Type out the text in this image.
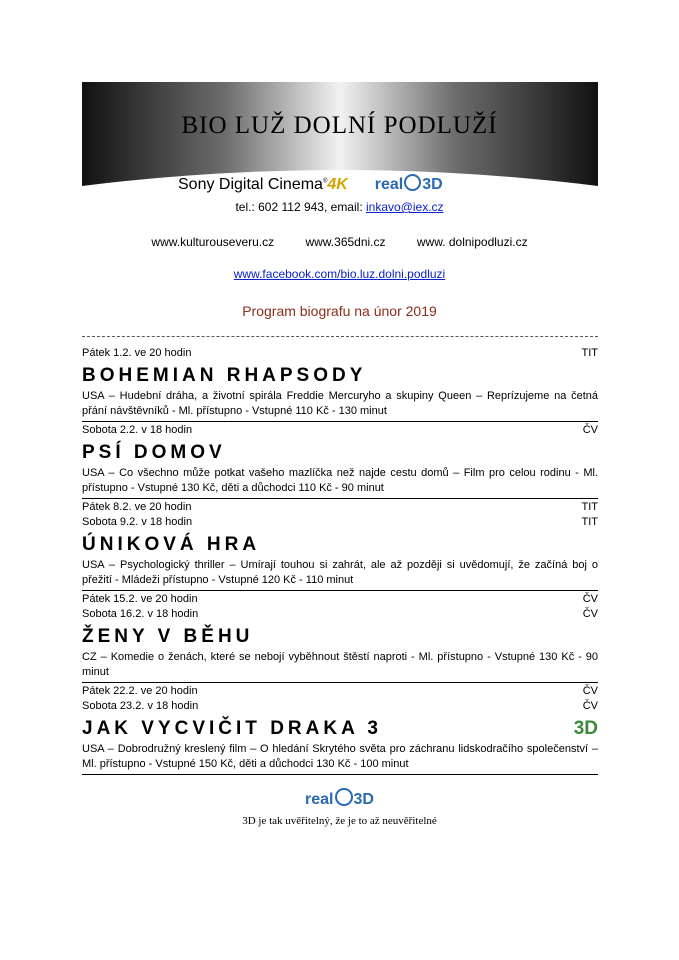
BIO LUŽ DOLNÍ PODLUŽÍ
Sony Digital Cinema®4K real 3D
tel.: 602 112 943, email: inkavo@iex.cz
www.kulturouseveru.cz	www.365dni.cz	www. dolnipodluzi.cz
www.facebook.com/bio.luz.dolni.podluzi
Program biografu na únor 2019
Pátek 1.2. ve 20 hodin	TIT
BOHEMIAN RHAPSODY
USA – Hudební dráha, a životní spirála Freddie Mercuryho a skupiny Queen – Reprízujeme na četná přání návštěvníků - Ml. přístupno - Vstupné 110 Kč - 130 minut
Sobota 2.2. v 18 hodin	ČV
PSÍ DOMOV
USA – Co všechno může potkat vašeho mazlíčka než najde cestu domů – Film pro celou rodinu - Ml. přístupno - Vstupné 130 Kč, děti a důchodci 110 Kč - 90 minut
Pátek 8.2. ve 20 hodin	TIT
Sobota 9.2. v 18 hodin	TIT
ÚNIKOVÁ HRA
USA – Psychologický thriller – Umírají touhou si zahrát, ale až později si uvědomují, že začíná boj o přežití - Mládeži přístupno - Vstupné 120 Kč - 110 minut
Pátek 15.2. ve 20 hodin	ČV
Sobota 16.2. v 18 hodin	ČV
ŽENY V BĚHU
CZ – Komedie o ženách, které se nebojí vyběhnout štěstí naproti - Ml. přístupno - Vstupné 130 Kč - 90 minut
Pátek 22.2. ve 20 hodin	ČV
Sobota 23.2. v 18 hodin	ČV
JAK VYCVIČIT DRAKA 3	3D
USA – Dobrodružný kreslený film – O hledání Skrytého světa pro záchranu lidskodračího společenství – Ml. přístupno - Vstupné 150 Kč, děti a důchodci 130 Kč - 100 minut
real 3D
3D je tak uvěřitelný, že je to až neuvěřitelné
